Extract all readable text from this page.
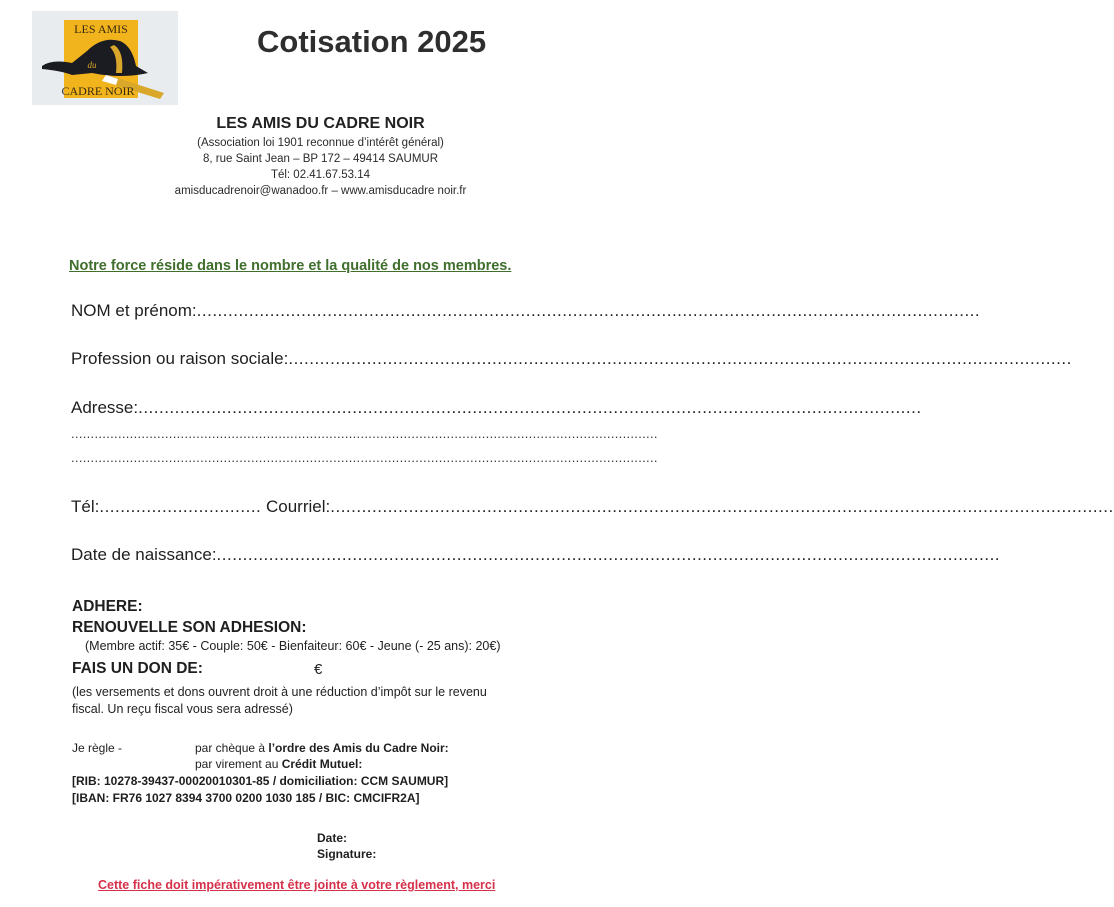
LES AMIS
du
CADRE NOIR
Cotisation 2025
LES AMIS DU CADRE NOIR
(Association loi 1901 reconnue d’intérêt général)
8, rue Saint Jean – BP 172 – 49414 SAUMUR
Tél: 02.41.67.53.14
amisducadrenoir@wanadoo.fr – www.amisducadre noir.fr
Notre force réside dans le nombre et la qualité de nos membres.
NOM et prénom:......................................................................................................................................................
Profession ou raison sociale:......................................................................................................................................................
Adresse:......................................................................................................................................................
......................................................................................................................................................
......................................................................................................................................................
Tél:............................... Courriel:......................................................................................................................................................
Date de naissance:......................................................................................................................................................
ADHERE:
RENOUVELLE SON ADHESION:
(Membre actif: 35€ - Couple: 50€ - Bienfaiteur: 60€ - Jeune (- 25 ans): 20€)
FAIS UN DON DE:	€
(les versements et dons ouvrent droit à une réduction d’impôt sur le revenu
fiscal. Un reçu fiscal vous sera adressé)
Je règle -	par chèque à l’ordre des Amis du Cadre Noir:
par virement au Crédit Mutuel:
[RIB: 10278-39437-00020010301-85 / domiciliation: CCM SAUMUR]
[IBAN: FR76 1027 8394 3700 0200 1030 185 / BIC: CMCIFR2A]
Date:
Signature:
Cette fiche doit impérativement être jointe à votre règlement, merci
